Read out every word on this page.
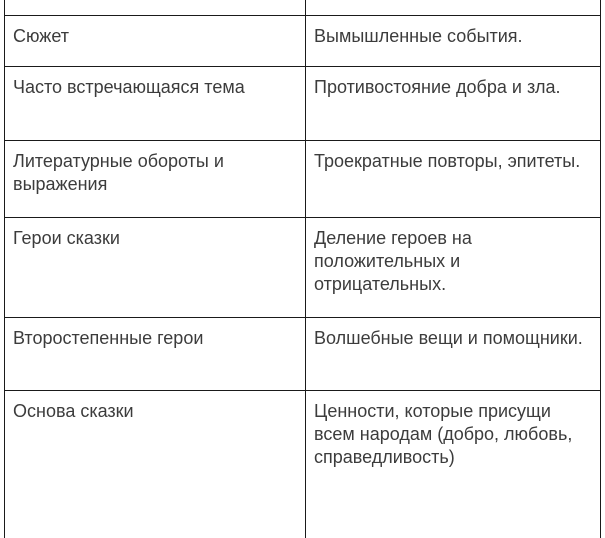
Сюжет	Вымышленные события.
Часто встречающаяся тема	Противостояние добра и зла.
Литературные обороты и выражения	Троекратные повторы, эпитеты.
Герои сказки	Деление героев на положительных и отрицательных.
Второстепенные герои	Волшебные вещи и помощники.
Основа сказки	Ценности, которые присущи всем народам (добро, любовь, справедливость)
